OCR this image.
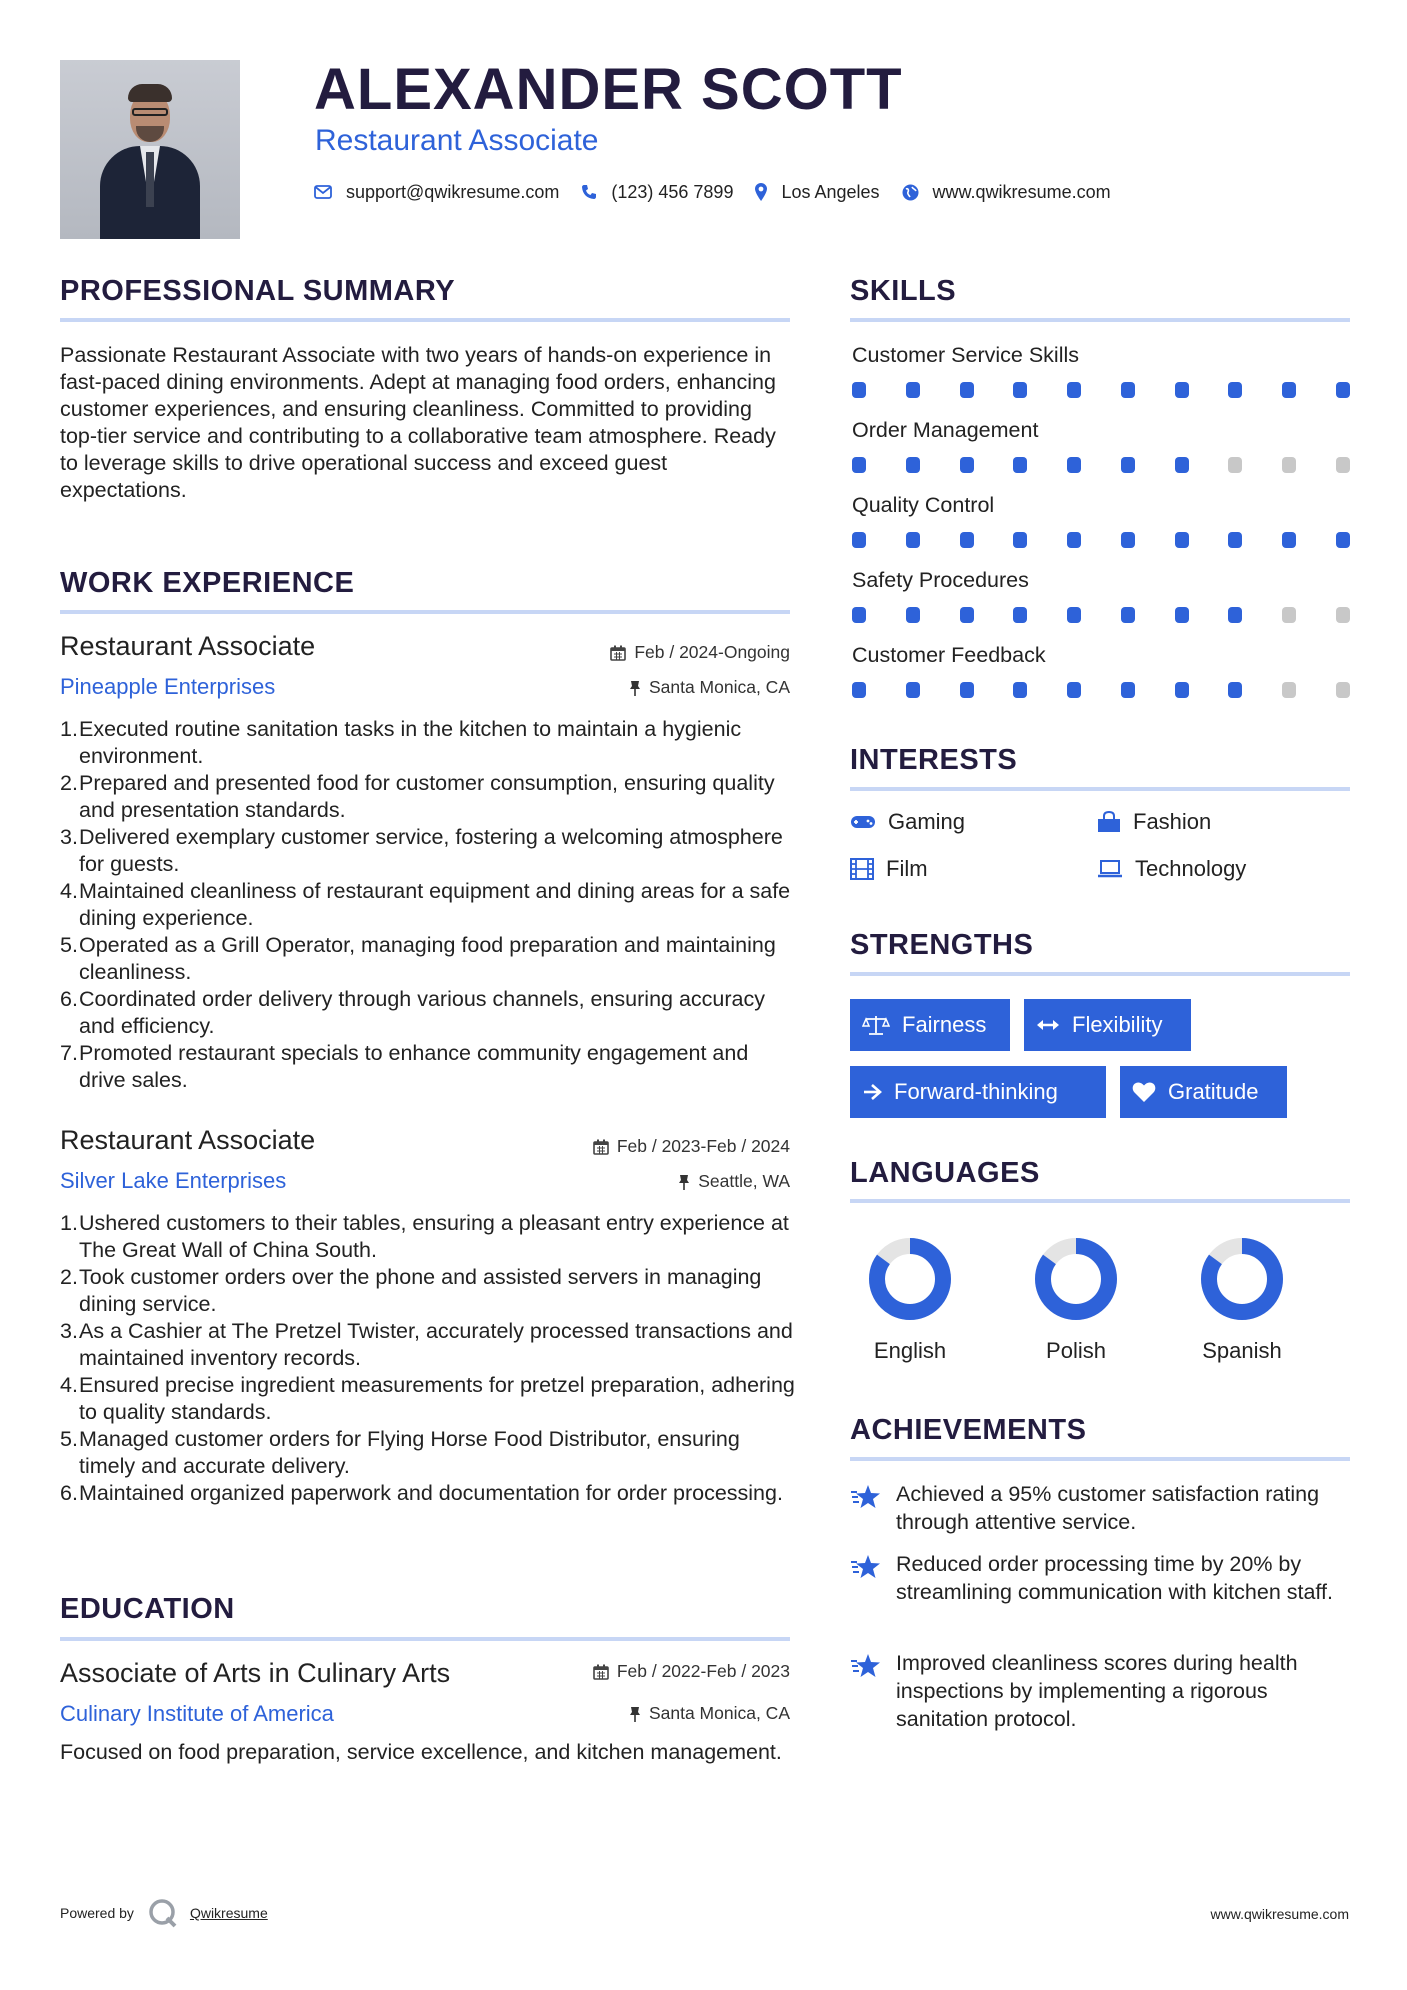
ALEXANDER SCOTT
Restaurant Associate
support@qwikresume.com	(123) 456 7899	Los Angeles	www.qwikresume.com
PROFESSIONAL SUMMARY
Passionate Restaurant Associate with two years of hands-on experience in fast-paced dining environments. Adept at managing food orders, enhancing customer experiences, and ensuring cleanliness. Committed to providing top-tier service and contributing to a collaborative team atmosphere. Ready to leverage skills to drive operational success and exceed guest expectations.
WORK EXPERIENCE
Restaurant Associate	Feb / 2024-Ongoing
Pineapple Enterprises	Santa Monica, CA
1. Executed routine sanitation tasks in the kitchen to maintain a hygienic environment.
2. Prepared and presented food for customer consumption, ensuring quality and presentation standards.
3. Delivered exemplary customer service, fostering a welcoming atmosphere for guests.
4. Maintained cleanliness of restaurant equipment and dining areas for a safe dining experience.
5. Operated as a Grill Operator, managing food preparation and maintaining cleanliness.
6. Coordinated order delivery through various channels, ensuring accuracy and efficiency.
7. Promoted restaurant specials to enhance community engagement and drive sales.
Restaurant Associate	Feb / 2023-Feb / 2024
Silver Lake Enterprises	Seattle, WA
1. Ushered customers to their tables, ensuring a pleasant entry experience at The Great Wall of China South.
2. Took customer orders over the phone and assisted servers in managing dining service.
3. As a Cashier at The Pretzel Twister, accurately processed transactions and maintained inventory records.
4. Ensured precise ingredient measurements for pretzel preparation, adhering to quality standards.
5. Managed customer orders for Flying Horse Food Distributor, ensuring timely and accurate delivery.
6. Maintained organized paperwork and documentation for order processing.
EDUCATION
Associate of Arts in Culinary Arts	Feb / 2022-Feb / 2023
Culinary Institute of America	Santa Monica, CA
Focused on food preparation, service excellence, and kitchen management.
SKILLS
Customer Service Skills
Order Management
Quality Control
Safety Procedures
Customer Feedback
INTERESTS
Gaming	Fashion
Film	Technology
STRENGTHS
Fairness	Flexibility
Forward-thinking	Gratitude
LANGUAGES
English	Polish	Spanish
ACHIEVEMENTS
Achieved a 95% customer satisfaction rating through attentive service.
Reduced order processing time by 20% by streamlining communication with kitchen staff.
Improved cleanliness scores during health inspections by implementing a rigorous sanitation protocol.
Powered by	Qwikresume	www.qwikresume.com
